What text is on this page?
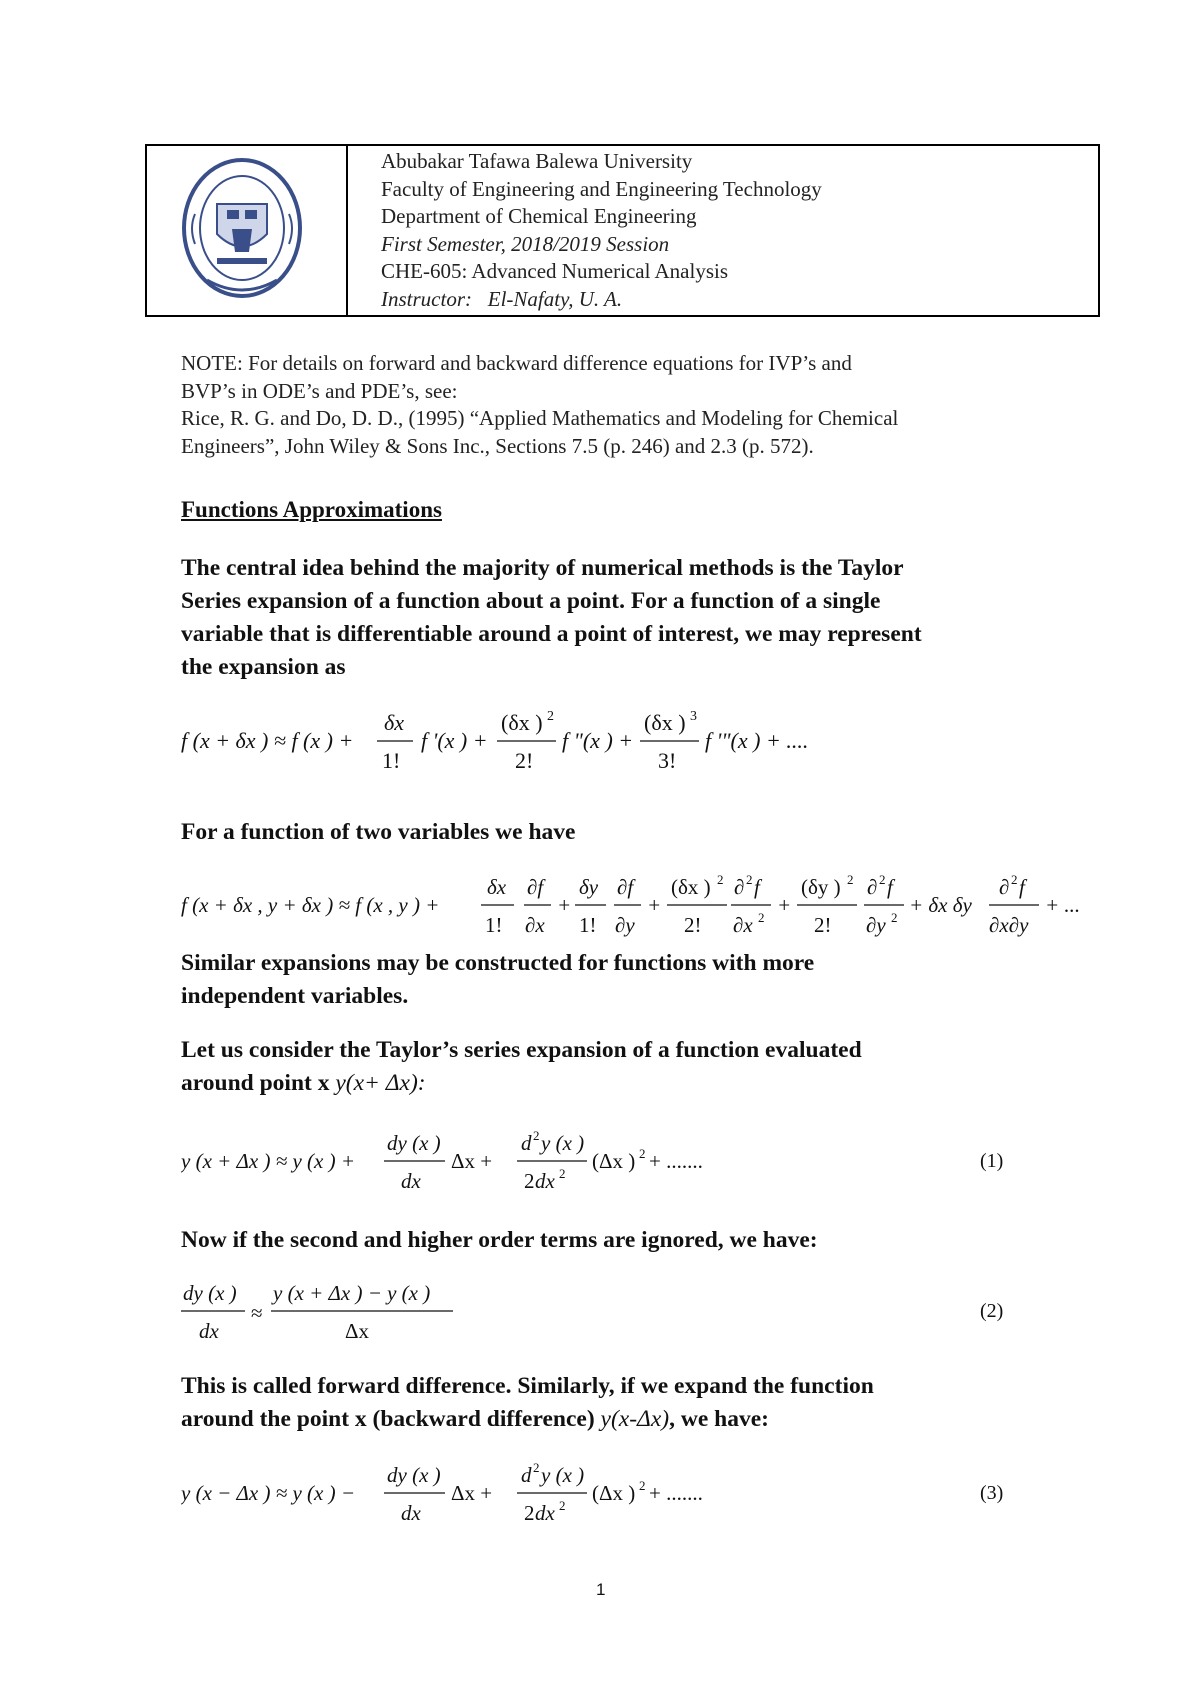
Abubakar Tafawa Balewa University
Faculty of Engineering and Engineering Technology
Department of Chemical Engineering
First Semester, 2018/2019 Session
CHE-605: Advanced Numerical Analysis
Instructor:   El-Nafaty, U. A.
NOTE: For details on forward and backward difference equations for IVP’s and
BVP’s in ODE’s and PDE’s, see:
Rice, R. G. and Do, D. D., (1995) “Applied Mathematics and Modeling for Chemical
Engineers”, John Wiley & Sons Inc., Sections 7.5 (p. 246) and 2.3 (p. 572).
Functions Approximations
The central idea behind the majority of numerical methods is the Taylor
Series expansion of a function about a point. For a function of a single
variable that is differentiable around a point of interest, we may represent
the expansion as
f (x + δx ) ≈ f (x ) +
δx
1!
f '(x ) +
(δx ) 2
2!
f "(x ) +
(δx ) 3
3!
f '"(x ) + ....
For a function of two variables we have
f (x + δx , y + δx ) ≈ f (x , y ) +
δx
1!
∂f
∂x
+
δy
1!
∂f
∂y
+
(δx ) 2
2!
∂ 2 f
∂x 2
+
(δy ) 2
2!
∂ 2 f
∂y 2
+ δx δy
∂ 2 f
∂x∂y
+ ...
Similar expansions may be constructed for functions with more
independent variables.
Let us consider the Taylor’s series expansion of a function evaluated
around point x y(x+ Δx):
y (x + Δx ) ≈ y (x ) +
dy (x )
dx
Δx +
d 2 y (x )
2 dx 2
(Δx ) 2 + .......	(1)
Now if the second and higher order terms are ignored, we have:
dy (x )
dx
≈
y (x + Δx ) − y (x )
Δx
(2)
This is called forward difference. Similarly, if we expand the function
around the point x (backward difference) y(x-Δx), we have:
y (x − Δx ) ≈ y (x ) −
dy (x )
dx
Δx +
d 2 y (x )
2 dx 2
(Δx ) 2 + .......	(3)
1
